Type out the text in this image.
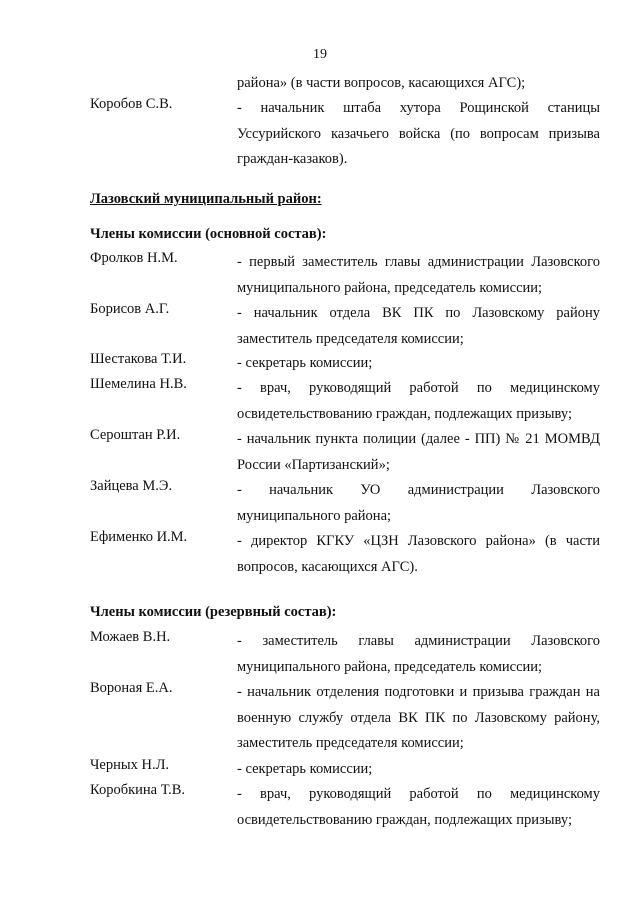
19
района» (в части вопросов, касающихся АГС);
Коробов С.В.	- начальник штаба хутора Рощинской станицы
Уссурийского казачьего войска (по вопросам призыва
граждан-казаков).
Лазовский муниципальный район:
Члены комиссии (основной состав):
Фролков Н.М.	- первый заместитель главы администрации Лазовского
муниципального района, председатель комиссии;
Борисов А.Г.	- начальник отдела ВК ПК по Лазовскому району
заместитель председателя комиссии;
Шестакова Т.И.	- секретарь комиссии;
Шемелина Н.В.	- врач, руководящий работой по медицинскому
освидетельствованию граждан, подлежащих призыву;
Сероштан Р.И.	- начальник пункта полиции (далее - ПП) № 21 МОМВД
России «Партизанский»;
Зайцева М.Э.	- начальник УО администрации Лазовского
муниципального района;
Ефименко И.М.	- директор КГКУ «ЦЗН Лазовского района» (в части
вопросов, касающихся АГС).
Члены комиссии (резервный состав):
Можаев В.Н.	- заместитель главы администрации Лазовского
муниципального района, председатель комиссии;
Вороная Е.А.	- начальник отделения подготовки и призыва граждан на
военную службу отдела ВК ПК по Лазовскому району,
заместитель председателя комиссии;
Черных Н.Л.	- секретарь комиссии;
Коробкина Т.В.	- врач, руководящий работой по медицинскому
освидетельствованию граждан, подлежащих призыву;
